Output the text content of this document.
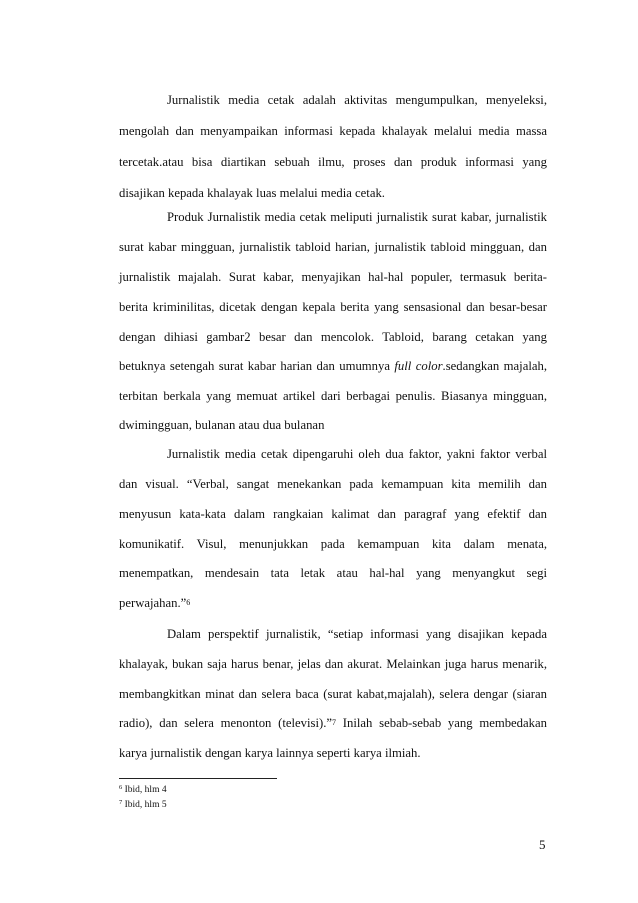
Jurnalistik media cetak adalah aktivitas mengumpulkan, menyeleksi,
mengolah dan menyampaikan informasi kepada khalayak melalui media massa
tercetak.atau bisa diartikan sebuah ilmu, proses dan produk informasi yang
disajikan kepada khalayak luas melalui media cetak.
Produk Jurnalistik media cetak meliputi jurnalistik surat kabar, jurnalistik
surat kabar mingguan, jurnalistik tabloid harian, jurnalistik tabloid mingguan, dan
jurnalistik majalah. Surat kabar, menyajikan hal-hal populer, termasuk berita-
berita kriminilitas, dicetak dengan kepala berita yang sensasional dan besar-besar
dengan dihiasi gambar2 besar dan mencolok. Tabloid, barang cetakan yang
betuknya setengah surat kabar harian dan umumnya full color.sedangkan majalah,
terbitan berkala yang memuat artikel dari berbagai penulis. Biasanya mingguan,
dwimingguan, bulanan atau dua bulanan
Jurnalistik media cetak dipengaruhi oleh dua faktor, yakni faktor verbal
dan visual. “Verbal, sangat menekankan pada kemampuan kita memilih dan
menyusun kata-kata dalam rangkaian kalimat dan paragraf yang efektif dan
komunikatif. Visul, menunjukkan pada kemampuan kita dalam menata,
menempatkan, mendesain tata letak atau hal-hal yang menyangkut segi
perwajahan.”$^6$
Dalam perspektif jurnalistik, “setiap informasi yang disajikan kepada
khalayak, bukan saja harus benar, jelas dan akurat. Melainkan juga harus menarik,
membangkitkan minat dan selera baca (surat kabat,majalah), selera dengar (siaran
radio), dan selera menonton (televisi).”$^7$ Inilah sebab-sebab yang membedakan
karya jurnalistik dengan karya lainnya seperti karya ilmiah.
$^6$ Ibid, hlm 4
$^7$ Ibid, hlm 5
5
